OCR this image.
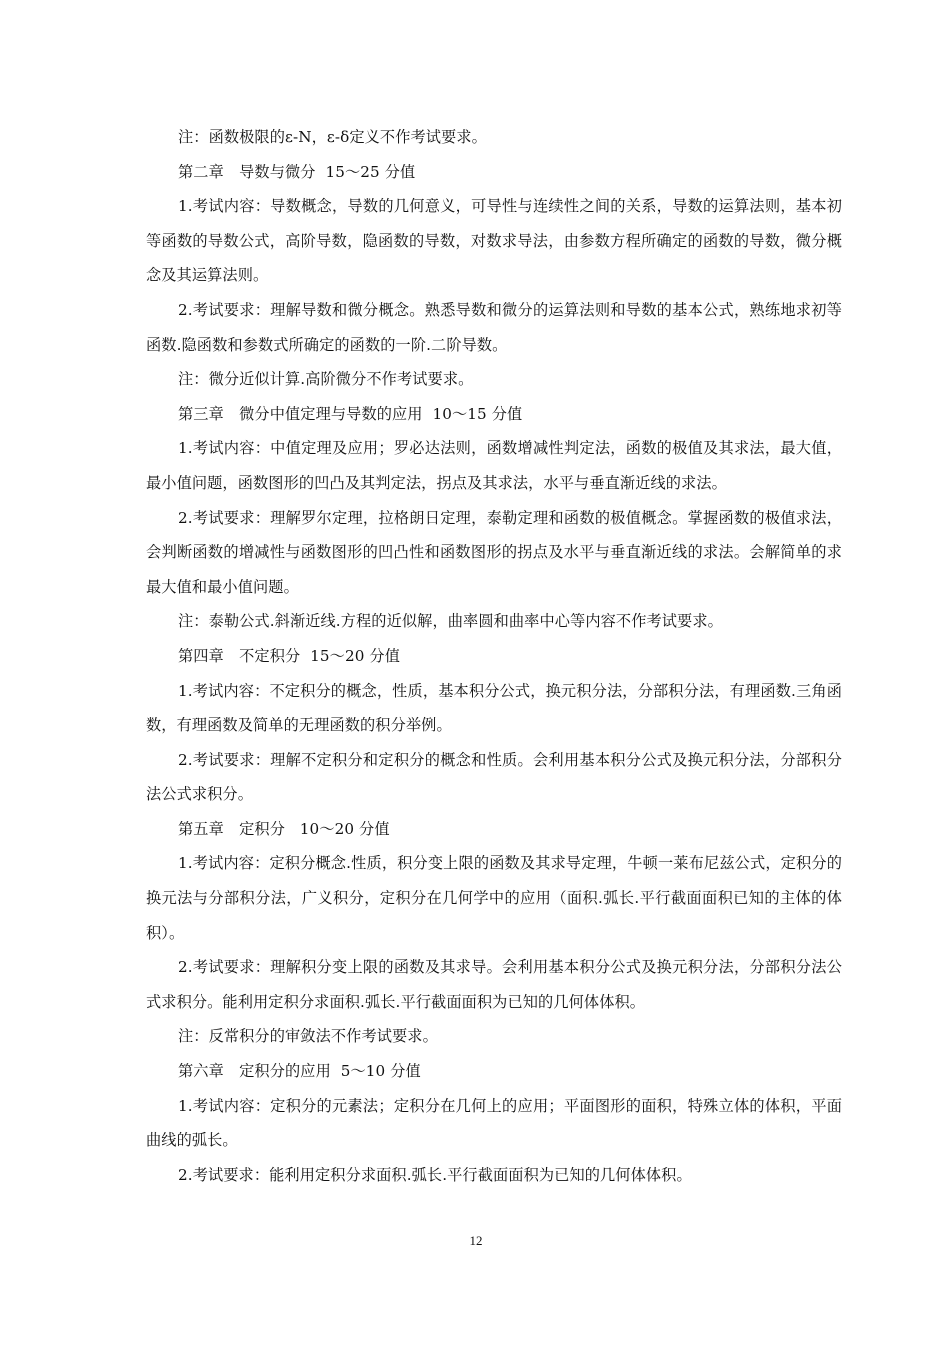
注：函数极限的ε-N，ε-δ定义不作考试要求。

第二章　导数与微分  15～25 分值

1.考试内容：导数概念，导数的几何意义，可导性与连续性之间的关系，导数的运算法则，基本初等函数的导数公式，高阶导数，隐函数的导数，对数求导法，由参数方程所确定的函数的导数，微分概念及其运算法则。

2.考试要求：理解导数和微分概念。熟悉导数和微分的运算法则和导数的基本公式，熟练地求初等函数.隐函数和参数式所确定的函数的一阶.二阶导数。

注：微分近似计算.高阶微分不作考试要求。

第三章　微分中值定理与导数的应用  10～15 分值

1.考试内容：中值定理及应用；罗必达法则，函数增减性判定法，函数的极值及其求法，最大值，最小值问题，函数图形的凹凸及其判定法，拐点及其求法，水平与垂直渐近线的求法。

2.考试要求：理解罗尔定理，拉格朗日定理，泰勒定理和函数的极值概念。掌握函数的极值求法，会判断函数的增减性与函数图形的凹凸性和函数图形的拐点及水平与垂直渐近线的求法。会解简单的求最大值和最小值问题。

注：泰勒公式.斜渐近线.方程的近似解，曲率圆和曲率中心等内容不作考试要求。

第四章　不定积分  15～20 分值

1.考试内容：不定积分的概念，性质，基本积分公式，换元积分法，分部积分法，有理函数.三角函数，有理函数及简单的无理函数的积分举例。

2.考试要求：理解不定积分和定积分的概念和性质。会利用基本积分公式及换元积分法，分部积分法公式求积分。

第五章　定积分   10～20 分值

1.考试内容：定积分概念.性质，积分变上限的函数及其求导定理，牛顿一莱布尼兹公式，定积分的换元法与分部积分法，广义积分，定积分在几何学中的应用（面积.弧长.平行截面面积已知的主体的体积）。

2.考试要求：理解积分变上限的函数及其求导。会利用基本积分公式及换元积分法，分部积分法公式求积分。能利用定积分求面积.弧长.平行截面面积为已知的几何体体积。

注：反常积分的审敛法不作考试要求。

第六章　定积分的应用  5～10 分值

1.考试内容：定积分的元素法；定积分在几何上的应用；平面图形的面积，特殊立体的体积，平面曲线的弧长。

2.考试要求：能利用定积分求面积.弧长.平行截面面积为已知的几何体体积。

12
